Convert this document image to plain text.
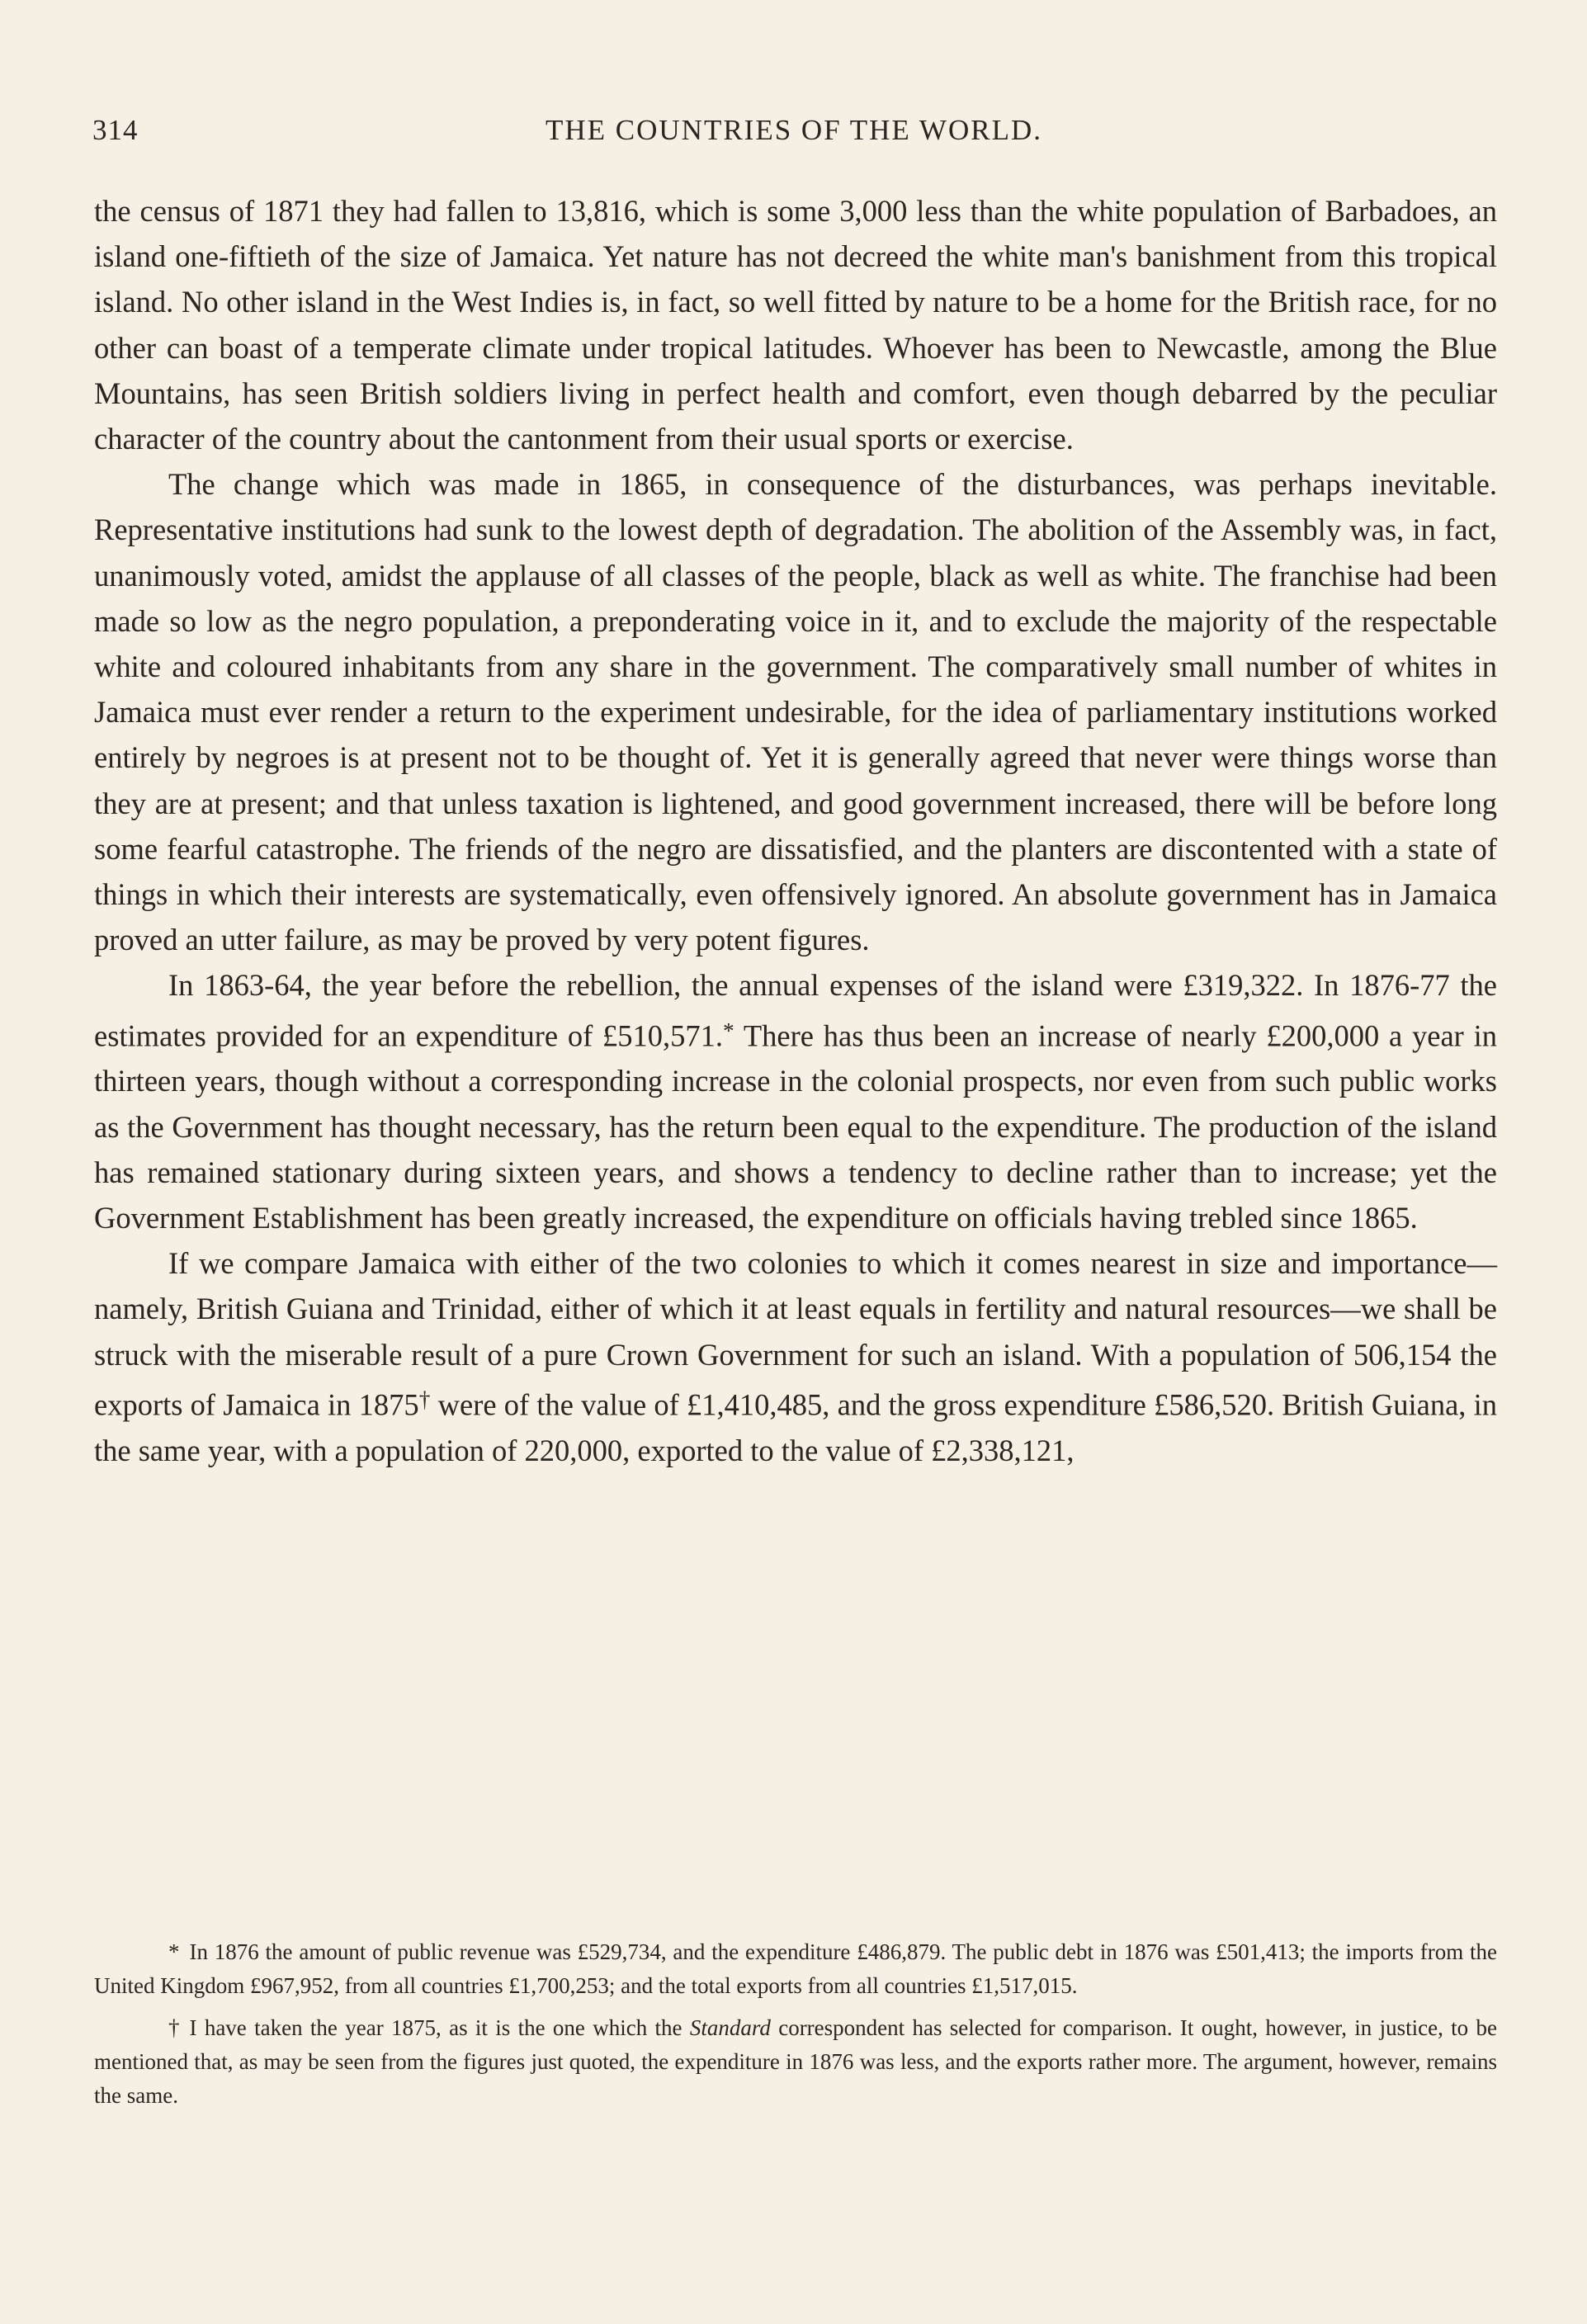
314	THE COUNTRIES OF THE WORLD.

the census of 1871 they had fallen to 13,816, which is some 3,000 less than the white population of Barbadoes, an island one-fiftieth of the size of Jamaica. Yet nature has not decreed the white man's banishment from this tropical island. No other island in the West Indies is, in fact, so well fitted by nature to be a home for the British race, for no other can boast of a temperate climate under tropical latitudes. Whoever has been to Newcastle, among the Blue Mountains, has seen British soldiers living in perfect health and comfort, even though debarred by the peculiar character of the country about the cantonment from their usual sports or exercise.

The change which was made in 1865, in consequence of the disturbances, was perhaps inevitable. Representative institutions had sunk to the lowest depth of degradation. The abolition of the Assembly was, in fact, unanimously voted, amidst the applause of all classes of the people, black as well as white. The franchise had been made so low as the negro population, a preponderating voice in it, and to exclude the majority of the respectable white and coloured inhabitants from any share in the government. The comparatively small number of whites in Jamaica must ever render a return to the experiment undesirable, for the idea of parliamentary institutions worked entirely by negroes is at present not to be thought of. Yet it is generally agreed that never were things worse than they are at present; and that unless taxation is lightened, and good government increased, there will be before long some fearful catastrophe. The friends of the negro are dissatisfied, and the planters are discontented with a state of things in which their interests are systematically, even offensively ignored. An absolute government has in Jamaica proved an utter failure, as may be proved by very potent figures.

In 1863-64, the year before the rebellion, the annual expenses of the island were £319,322. In 1876-77 the estimates provided for an expenditure of £510,571.* There has thus been an increase of nearly £200,000 a year in thirteen years, though without a corresponding increase in the colonial prospects, nor even from such public works as the Government has thought necessary, has the return been equal to the expenditure. The production of the island has remained stationary during sixteen years, and shows a tendency to decline rather than to increase; yet the Government Establishment has been greatly increased, the expenditure on officials having trebled since 1865.

If we compare Jamaica with either of the two colonies to which it comes nearest in size and importance—namely, British Guiana and Trinidad, either of which it at least equals in fertility and natural resources—we shall be struck with the miserable result of a pure Crown Government for such an island. With a population of 506,154 the exports of Jamaica in 1875† were of the value of £1,410,485, and the gross expenditure £586,520. British Guiana, in the same year, with a population of 220,000, exported to the value of £2,338,121,

* In 1876 the amount of public revenue was £529,734, and the expenditure £486,879. The public debt in 1876 was £501,413; the imports from the United Kingdom £967,952, from all countries £1,700,253; and the total exports from all countries £1,517,015.

† I have taken the year 1875, as it is the one which the Standard correspondent has selected for comparison. It ought, however, in justice, to be mentioned that, as may be seen from the figures just quoted, the expenditure in 1876 was less, and the exports rather more. The argument, however, remains the same.
